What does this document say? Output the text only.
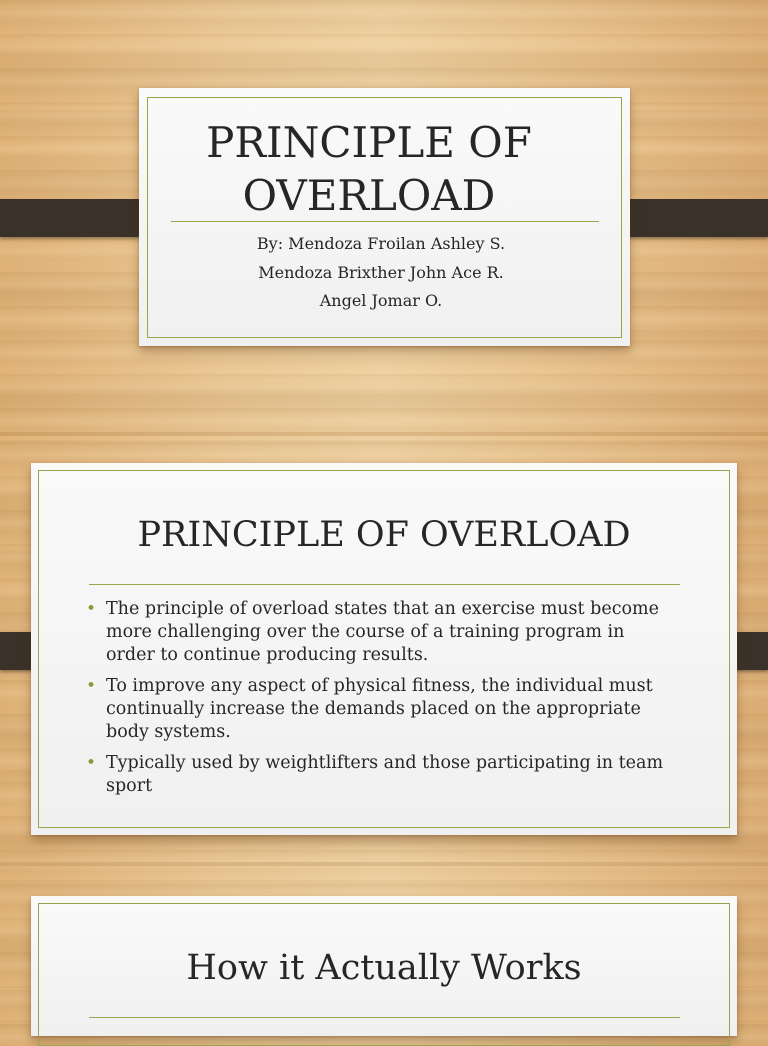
PRINCIPLE OF
OVERLOAD
By: Mendoza Froilan Ashley S.
Mendoza Brixther John Ace R.
Angel Jomar O.
PRINCIPLE OF OVERLOAD
• The principle of overload states that an exercise must become more challenging over the course of a training program in order to continue producing results.
• To improve any aspect of physical fitness, the individual must continually increase the demands placed on the appropriate body systems.
• Typically used by weightlifters and those participating in team sport
How it Actually Works
